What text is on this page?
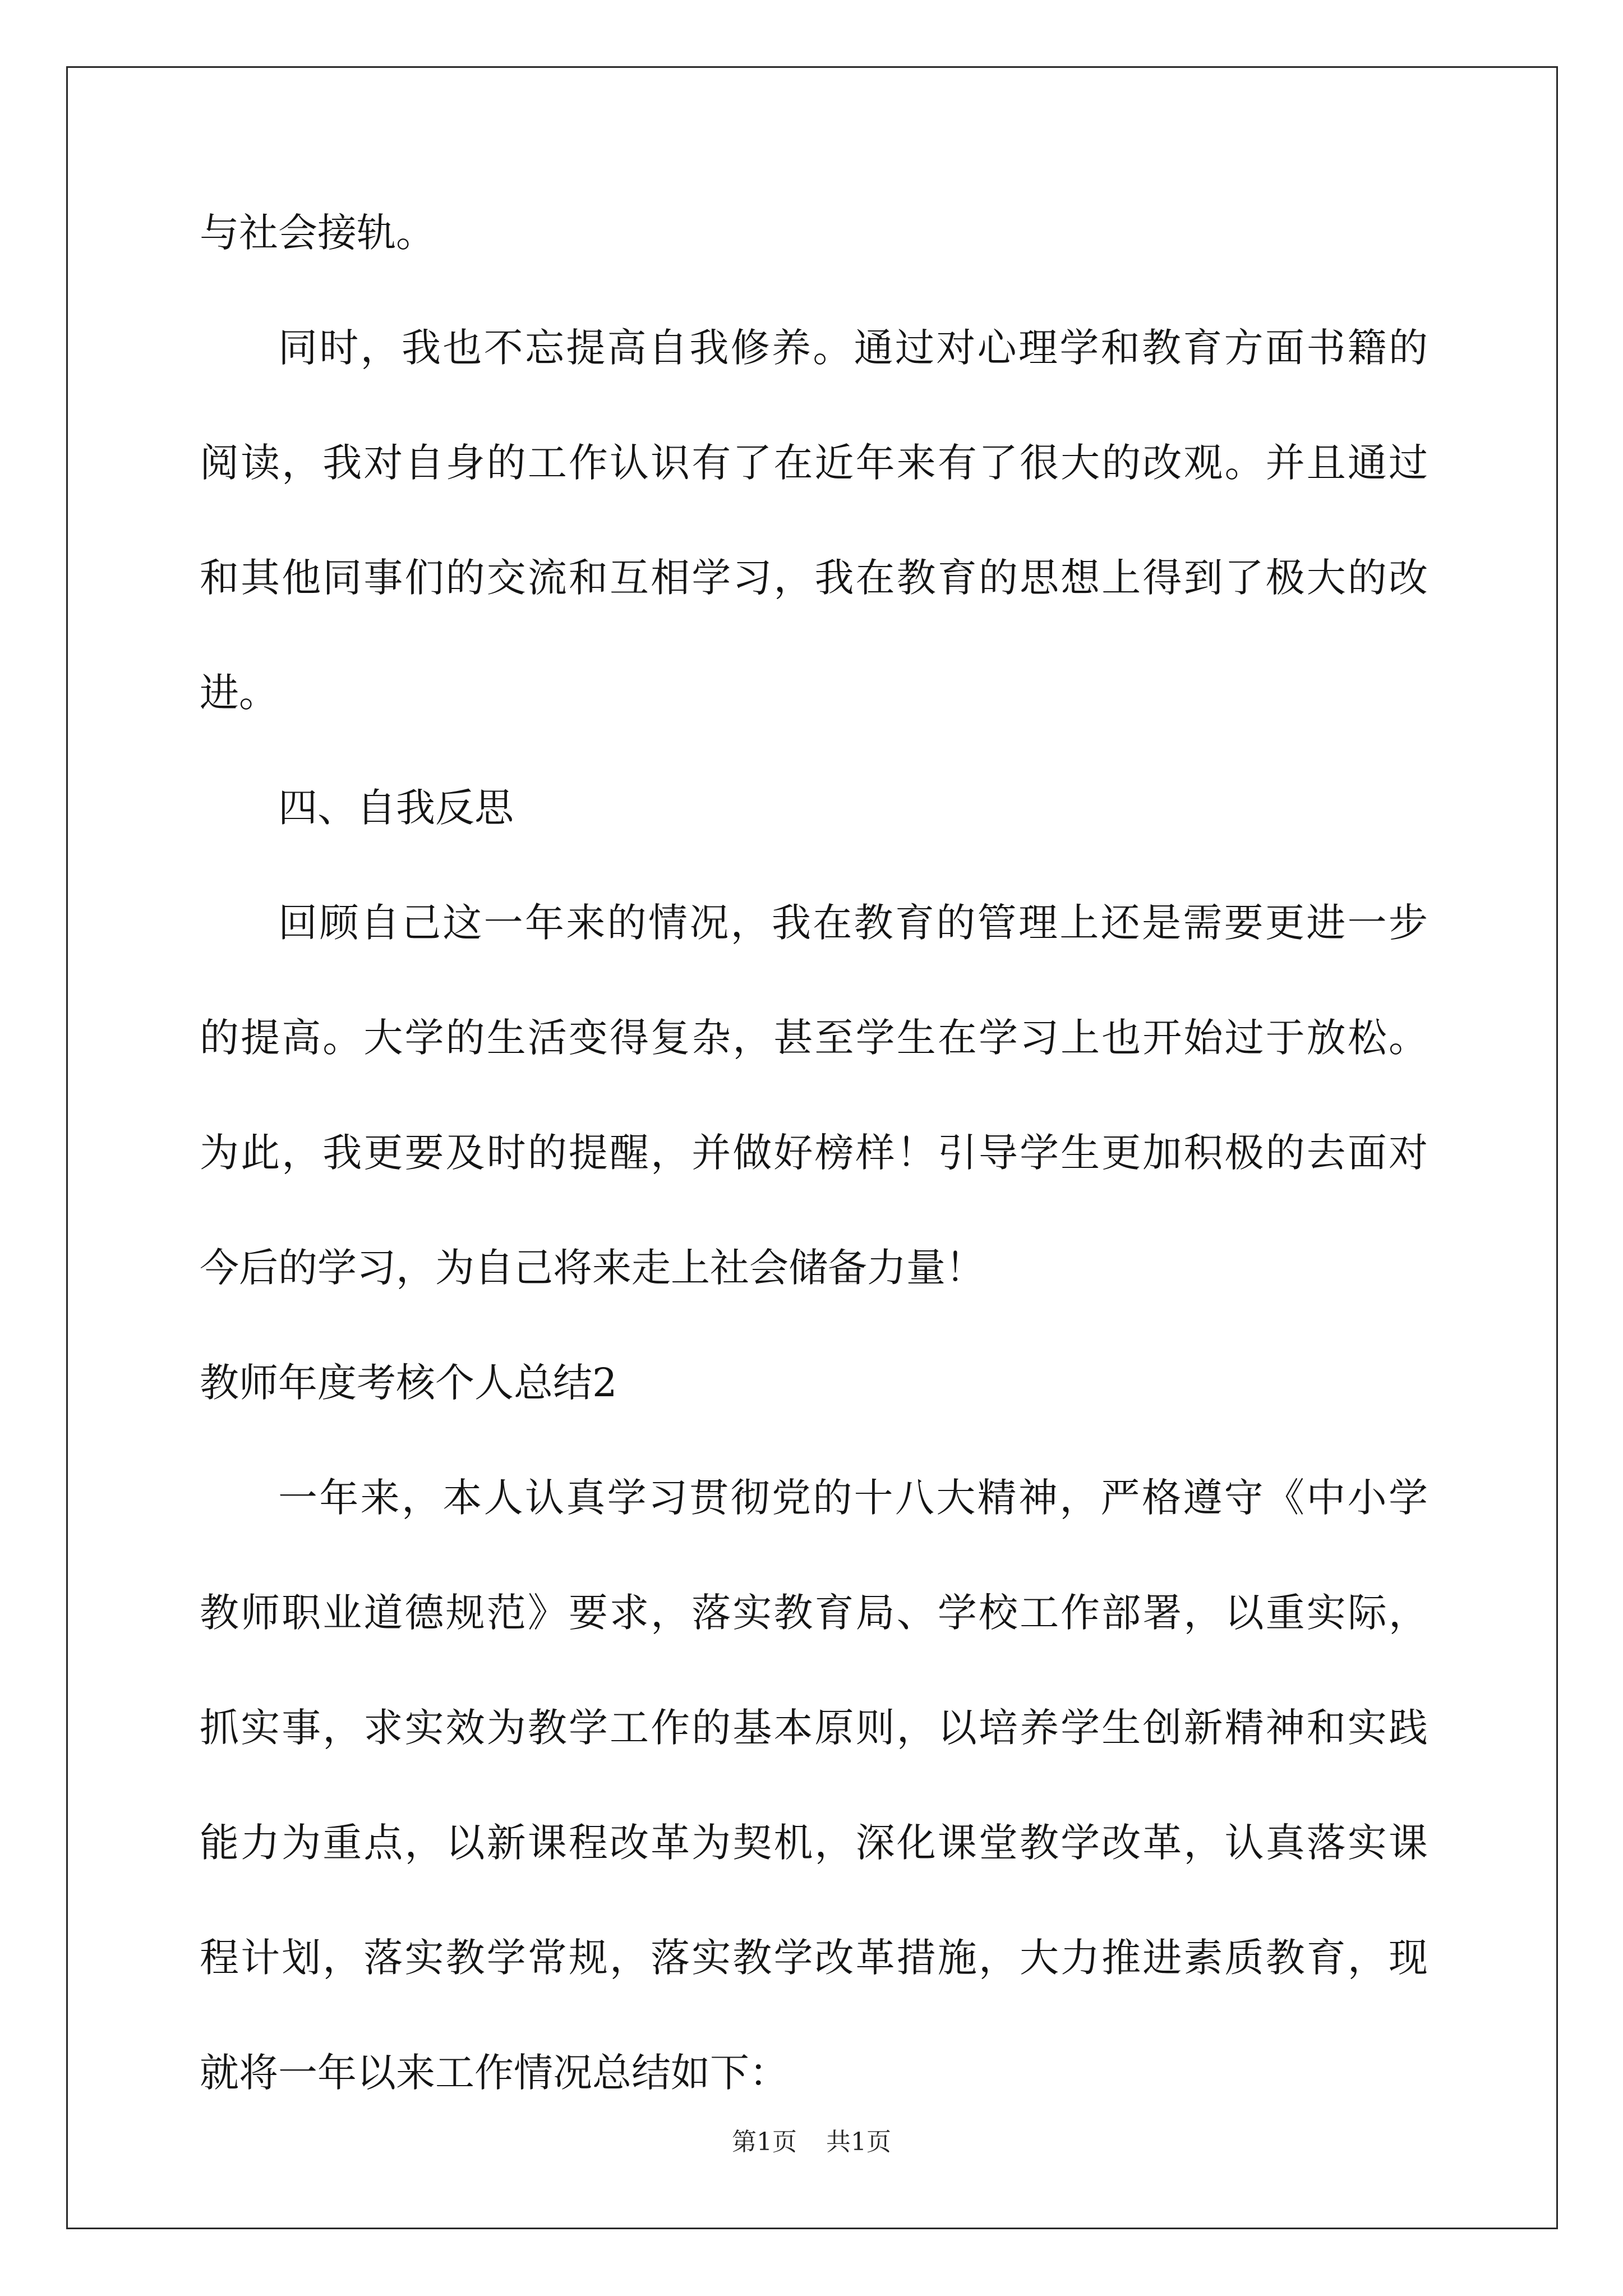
与社会接轨。
同时，我也不忘提高自我修养。通过对心理学和教育方面书籍的
阅读，我对自身的工作认识有了在近年来有了很大的改观。并且通过
和其他同事们的交流和互相学习，我在教育的思想上得到了极大的改
进。
四、自我反思
回顾自己这一年来的情况，我在教育的管理上还是需要更进一步
的提高。大学的生活变得复杂，甚至学生在学习上也开始过于放松。
为此，我更要及时的提醒，并做好榜样！引导学生更加积极的去面对
今后的学习，为自己将来走上社会储备力量！
教师年度考核个人总结2
一年来，本人认真学习贯彻党的十八大精神，严格遵守《中小学
教师职业道德规范》要求，落实教育局、学校工作部署，以重实际，
抓实事，求实效为教学工作的基本原则，以培养学生创新精神和实践
能力为重点，以新课程改革为契机，深化课堂教学改革，认真落实课
程计划，落实教学常规，落实教学改革措施，大力推进素质教育，现
就将一年以来工作情况总结如下：
第1页 共1页
